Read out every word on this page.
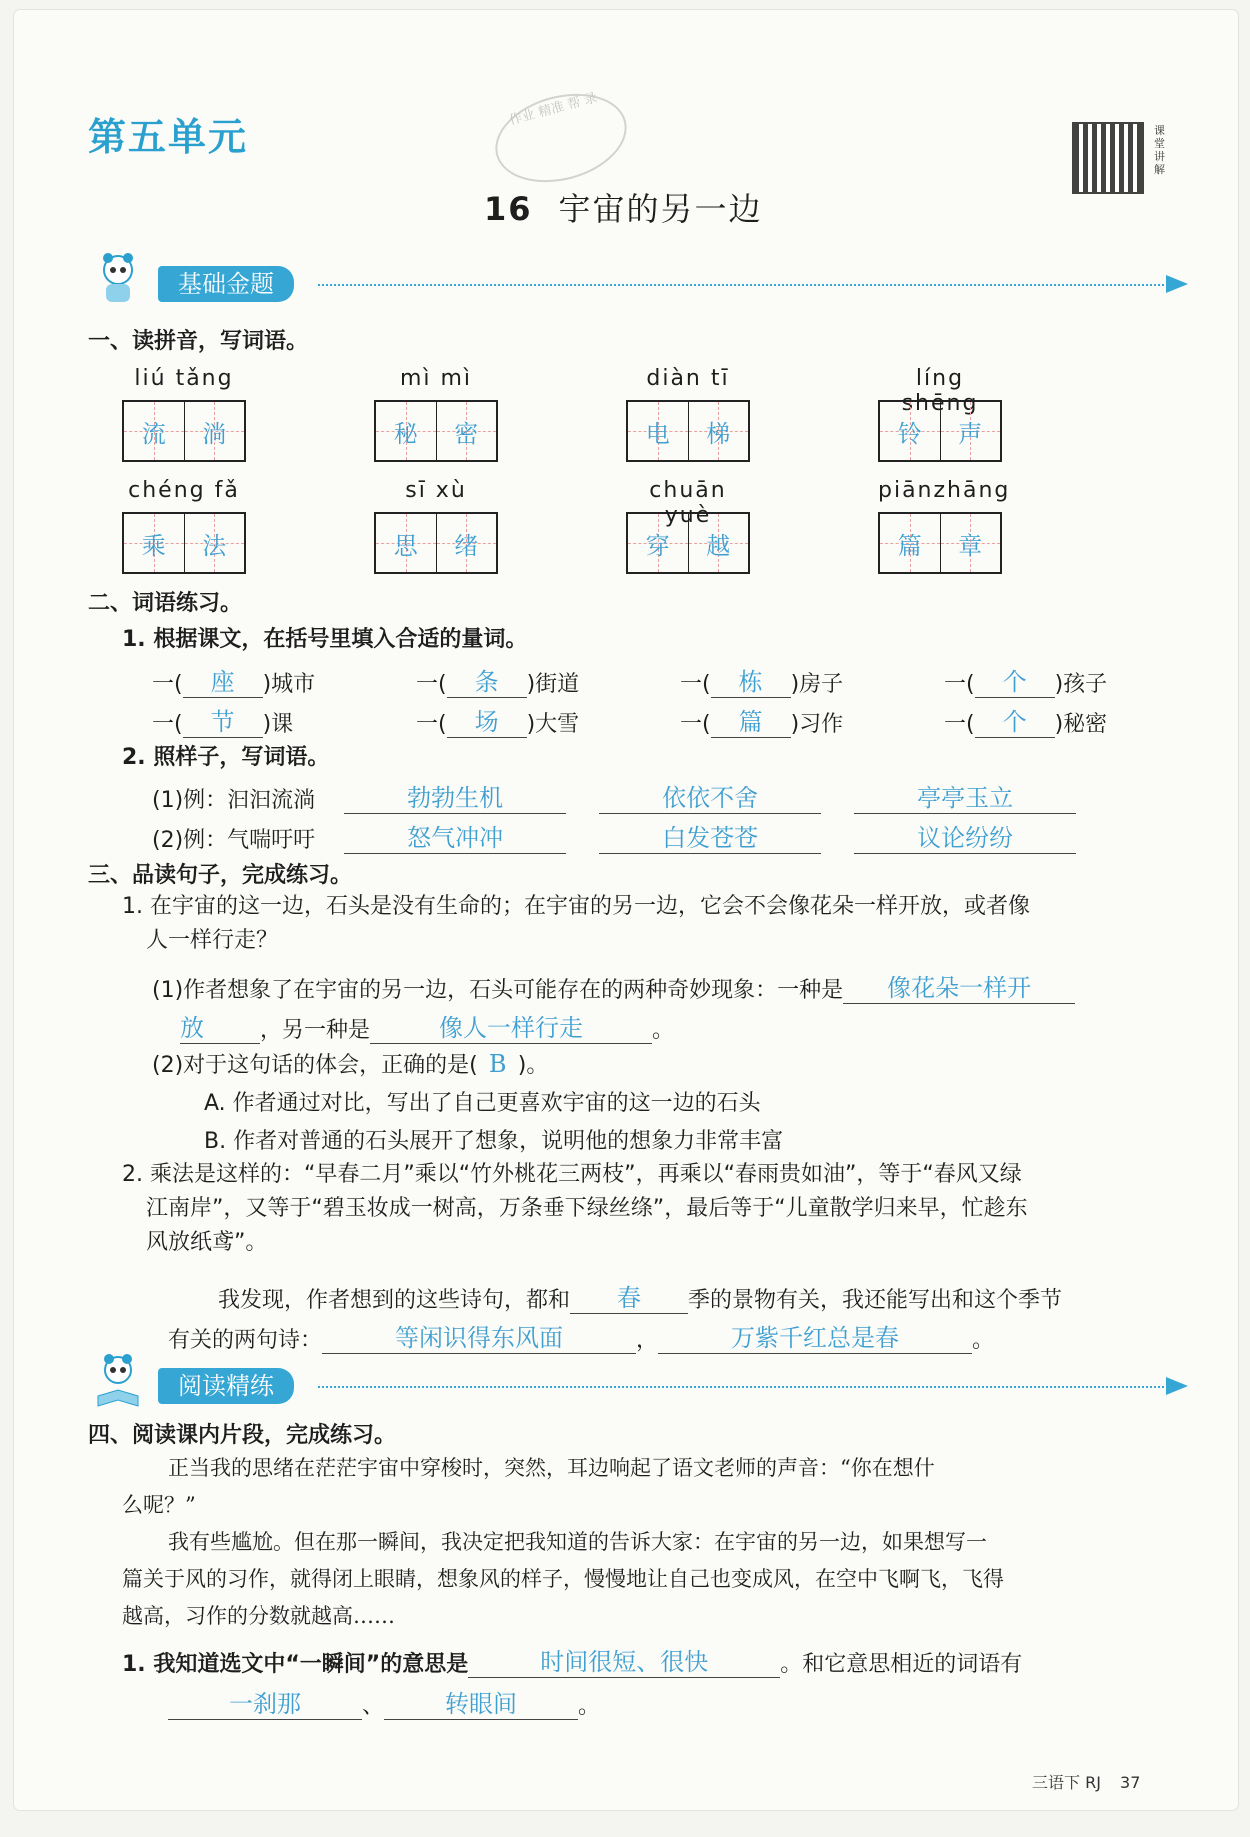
第五单元
作业 精准 帮 录
16 宇宙的另一边
课堂讲解
基础金题
一、读拼音，写词语。
liú tǎng
流 淌
mì mì
秘 密
diàn tī
电 梯
líng shēng
铃 声
chéng fǎ
乘 法
sī xù
思 绪
chuān yuè
穿 越
piānzhāng
篇 章
二、词语练习。
1. 根据课文，在括号里填入合适的量词。
一( 座 )城市	一( 条 )街道	一( 栋 )房子	一( 个 )孩子
一( 节 )课	一( 场 )大雪	一( 篇 )习作	一( 个 )秘密
2. 照样子，写词语。
(1)例：汩汩流淌	勃勃生机	依依不舍	亭亭玉立
(2)例：气喘吁吁	怒气冲冲	白发苍苍	议论纷纷
三、品读句子，完成练习。
1. 在宇宙的这一边，石头是没有生命的；在宇宙的另一边，它会不会像花朵一样开放，或者像
人一样行走？
(1)作者想象了在宇宙的另一边，石头可能存在的两种奇妙现象：一种是 像花朵一样开
放	，另一种是	像人一样行走	。
(2)对于这句话的体会，正确的是( B )。
A. 作者通过对比，写出了自己更喜欢宇宙的这一边的石头
B. 作者对普通的石头展开了想象，说明他的想象力非常丰富
2. 乘法是这样的：“早春二月”乘以“竹外桃花三两枝”，再乘以“春雨贵如油”，等于“春风又绿
江南岸”，又等于“碧玉妆成一树高，万条垂下绿丝绦”，最后等于“儿童散学归来早，忙趁东
风放纸鸢”。
我发现，作者想到的这些诗句，都和 春 季的景物有关，我还能写出和这个季节
有关的两句诗：	等闲识得东风面	，	万紫千红总是春	。
阅读精练
四、阅读课内片段，完成练习。
正当我的思绪在茫茫宇宙中穿梭时，突然，耳边响起了语文老师的声音：“你在想什
么呢？”
我有些尴尬。但在那一瞬间，我决定把我知道的告诉大家：在宇宙的另一边，如果想写一
篇关于风的习作，就得闭上眼睛，想象风的样子，慢慢地让自己也变成风，在空中飞啊飞，飞得
越高，习作的分数就越高……
1. 我知道选文中“一瞬间”的意思是	时间很短、很快	。和它意思相近的词语有
一刹那	、	转眼间	。
三语下 RJ 37
